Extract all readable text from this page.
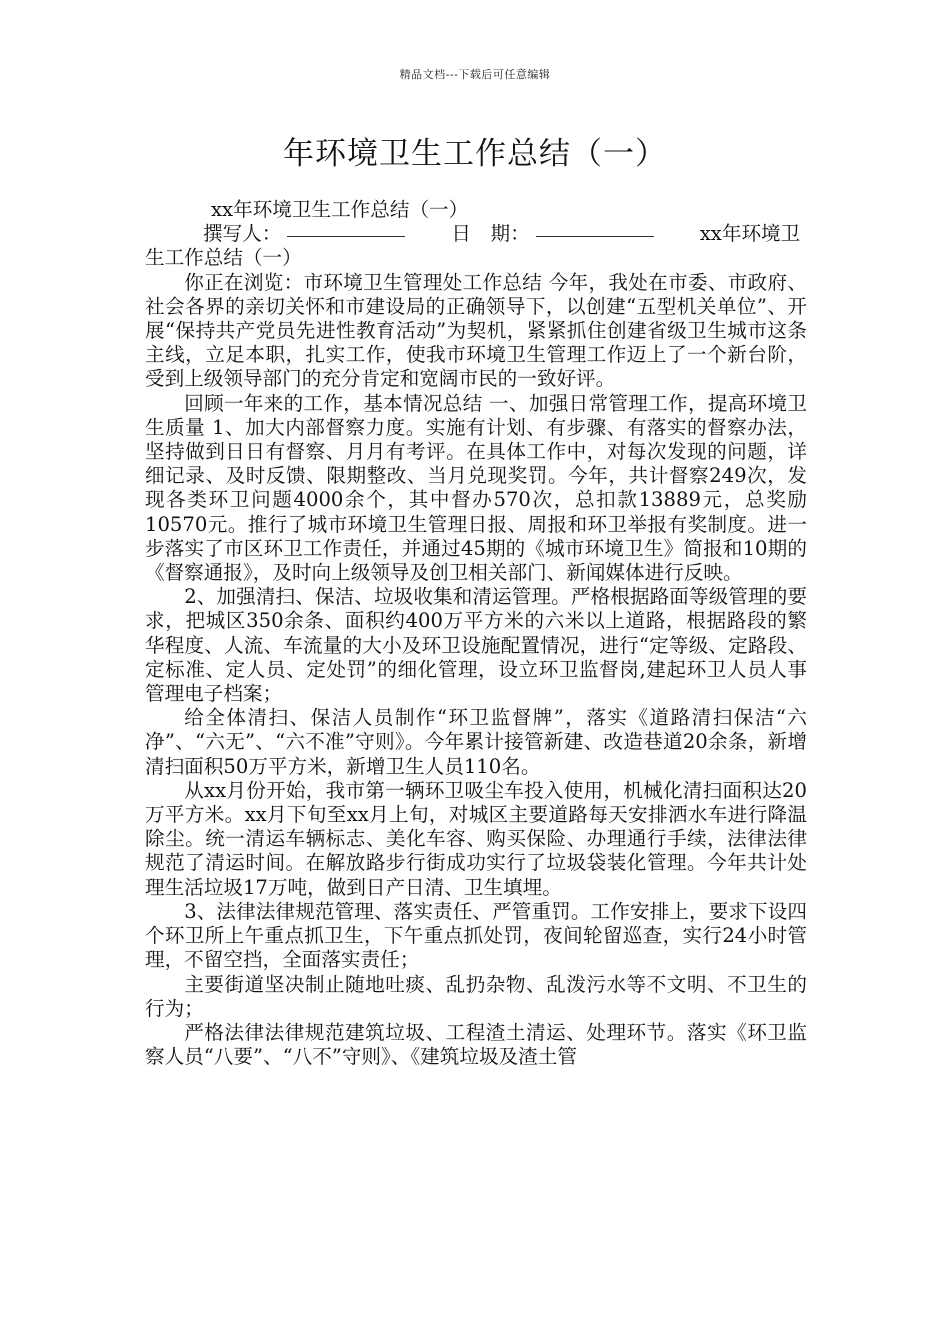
精品文档---下载后可任意编辑
年环境卫生工作总结（一）
xx年环境卫生工作总结（一）
撰写人：	日　期：	xx年环境卫
生工作总结（一）

你正在浏览：市环境卫生管理处工作总结 今年，我处在市委、市政府、社会各界的亲切关怀和市建设局的正确领导下，以创建“五型机关单位”、开展“保持共产党员先进性教育活动”为契机，紧紧抓住创建省级卫生城市这条主线，立足本职，扎实工作，使我市环境卫生管理工作迈上了一个新台阶，受到上级领导部门的充分肯定和宽阔市民的一致好评。

回顾一年来的工作，基本情况总结 一、加强日常管理工作，提高环境卫生质量 1、加大内部督察力度。实施有计划、有步骤、有落实的督察办法，坚持做到日日有督察、月月有考评。在具体工作中，对每次发现的问题，详细记录、及时反馈、限期整改、当月兑现奖罚。今年，共计督察249次，发现各类环卫问题4000余个，其中督办570次，总扣款13889元，总奖励10570元。推行了城市环境卫生管理日报、周报和环卫举报有奖制度。进一步落实了市区环卫工作责任，并通过45期的《城市环境卫生》简报和10期的《督察通报》，及时向上级领导及创卫相关部门、新闻媒体进行反映。

2、加强清扫、保洁、垃圾收集和清运管理。严格根据路面等级管理的要求，把城区350余条、面积约400万平方米的六米以上道路，根据路段的繁华程度、人流、车流量的大小及环卫设施配置情况，进行“定等级、定路段、定标准、定人员、定处罚”的细化管理，设立环卫监督岗,建起环卫人员人事管理电子档案；

给全体清扫、保洁人员制作“环卫监督牌”，落实《道路清扫保洁“六净”、“六无”、“六不准”守则》。今年累计接管新建、改造巷道20余条，新增清扫面积50万平方米，新增卫生人员110名。

从xx月份开始，我市第一辆环卫吸尘车投入使用，机械化清扫面积达20万平方米。xx月下旬至xx月上旬，对城区主要道路每天安排洒水车进行降温除尘。统一清运车辆标志、美化车容、购买保险、办理通行手续，法律法律规范了清运时间。在解放路步行街成功实行了垃圾袋装化管理。今年共计处理生活垃圾17万吨，做到日产日清、卫生填埋。

3、法律法律规范管理、落实责任、严管重罚。工作安排上，要求下设四个环卫所上午重点抓卫生，下午重点抓处罚，夜间轮留巡查，实行24小时管理，不留空挡，全面落实责任；

主要街道坚决制止随地吐痰、乱扔杂物、乱泼污水等不文明、不卫生的行为；

严格法律法律规范建筑垃圾、工程渣土清运、处理环节。落实《环卫监察人员“八要”、“八不”守则》、《建筑垃圾及渣土管
